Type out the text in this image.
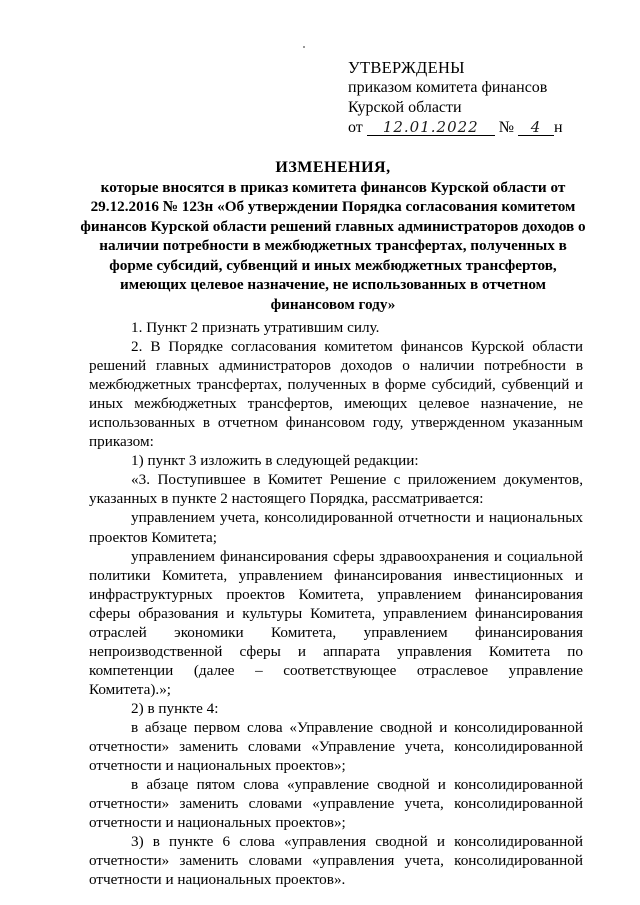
УТВЕРЖДЕНЫ
приказом комитета финансов
Курской области
от 12.01.2022 № 4 н
ИЗМЕНЕНИЯ,
которые вносятся в приказ комитета финансов Курской области от 29.12.2016 № 123н «Об утверждении Порядка согласования комитетом финансов Курской области решений главных администраторов доходов о наличии потребности в межбюджетных трансфертах, полученных в форме субсидий, субвенций и иных межбюджетных трансфертов, имеющих целевое назначение, не использованных в отчетном финансовом году»

1. Пункт 2 признать утратившим силу.

2. В Порядке согласования комитетом финансов Курской области решений главных администраторов доходов о наличии потребности в межбюджетных трансфертах, полученных в форме субсидий, субвенций и иных межбюджетных трансфертов, имеющих целевое назначение, не использованных в отчетном финансовом году, утвержденном указанным приказом:

1) пункт 3 изложить в следующей редакции:

«3. Поступившее в Комитет Решение с приложением документов, указанных в пункте 2 настоящего Порядка, рассматривается:

управлением учета, консолидированной отчетности и национальных проектов Комитета;

управлением финансирования сферы здравоохранения и социальной политики Комитета, управлением финансирования инвестиционных и инфраструктурных проектов Комитета, управлением финансирования сферы образования и культуры Комитета, управлением финансирования отраслей экономики Комитета, управлением финансирования непроизводственной сферы и аппарата управления Комитета по компетенции (далее – соответствующее отраслевое управление Комитета).»;

2) в пункте 4:

в абзаце первом слова «Управление сводной и консолидированной отчетности» заменить словами «Управление учета, консолидированной отчетности и национальных проектов»;

в абзаце пятом слова «управление сводной и консолидированной отчетности» заменить словами «управление учета, консолидированной отчетности и национальных проектов»;

3) в пункте 6 слова «управления сводной и консолидированной отчетности» заменить словами «управления учета, консолидированной отчетности и национальных проектов».
